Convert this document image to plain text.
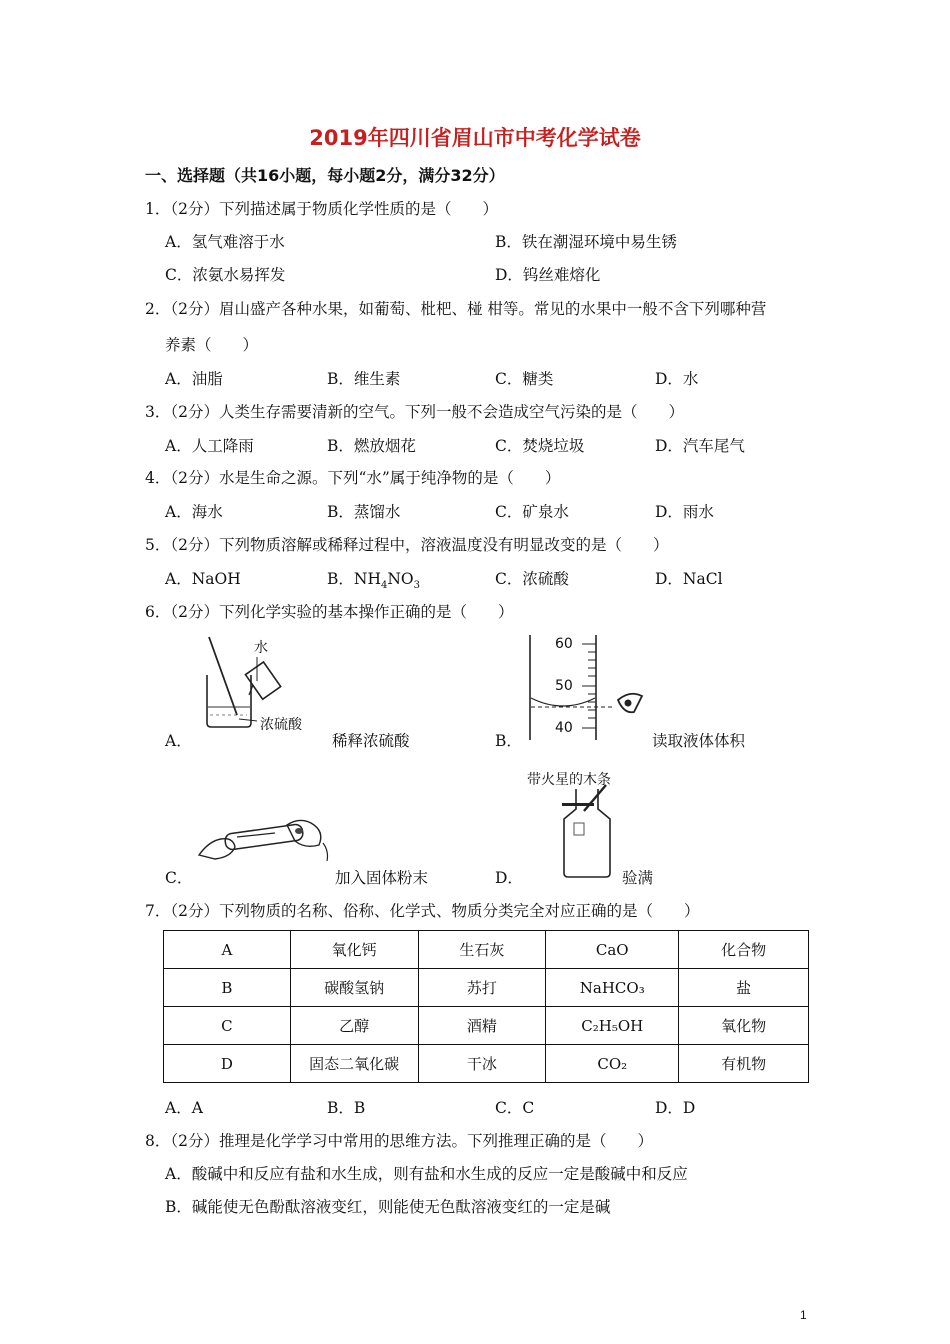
2019年四川省眉山市中考化学试卷
一、选择题（共16小题，每小题2分，满分32分）
1．（2分）下列描述属于物质化学性质的是（　　）
A．氢气难溶于水	B．铁在潮湿环境中易生锈
C．浓氨水易挥发	D．钨丝难熔化
2．（2分）眉山盛产各种水果，如葡萄、枇杷、椪 柑等。常见的水果中一般不含下列哪种营
养素（　　）
A．油脂	B．维生素	C．糖类	D．水
3．（2分）人类生存需要清新的空气。下列一般不会造成空气污染的是（　　）
A．人工降雨	B．燃放烟花	C．焚烧垃圾	D．汽车尾气
4．（2分）水是生命之源。下列“水”属于纯净物的是（　　）
A．海水	B．蒸馏水	C．矿泉水	D．雨水
5．（2分）下列物质溶解或稀释过程中，溶液温度没有明显改变的是（　　）
A．NaOH	B．$NH_4NO_3$	C．浓硫酸	D．NaCl
6．（2分）下列化学实验的基本操作正确的是（　　）
水
浓硫酸
A．	稀释浓硫酸
60
50
40
B．	读取液体体积
C．	加入固体粉末
带火星的木条
D．	验满
7．（2分）下列物质的名称、俗称、化学式、物质分类完全对应正确的是（　　）
A	氧化钙	生石灰	CaO	化合物
B	碳酸氢钠	苏打	NaHCO₃	盐
C	乙醇	酒精	C₂H₅OH	氧化物
D	固态二氧化碳	干冰	CO₂	有机物
A．A	B．B	C．C	D．D
8．（2分）推理是化学学习中常用的思维方法。下列推理正确的是（　　）
A．酸碱中和反应有盐和水生成，则有盐和水生成的反应一定是酸碱中和反应
B．碱能使无色酚酞溶液变红，则能使无色酞溶液变红的一定是碱
1
